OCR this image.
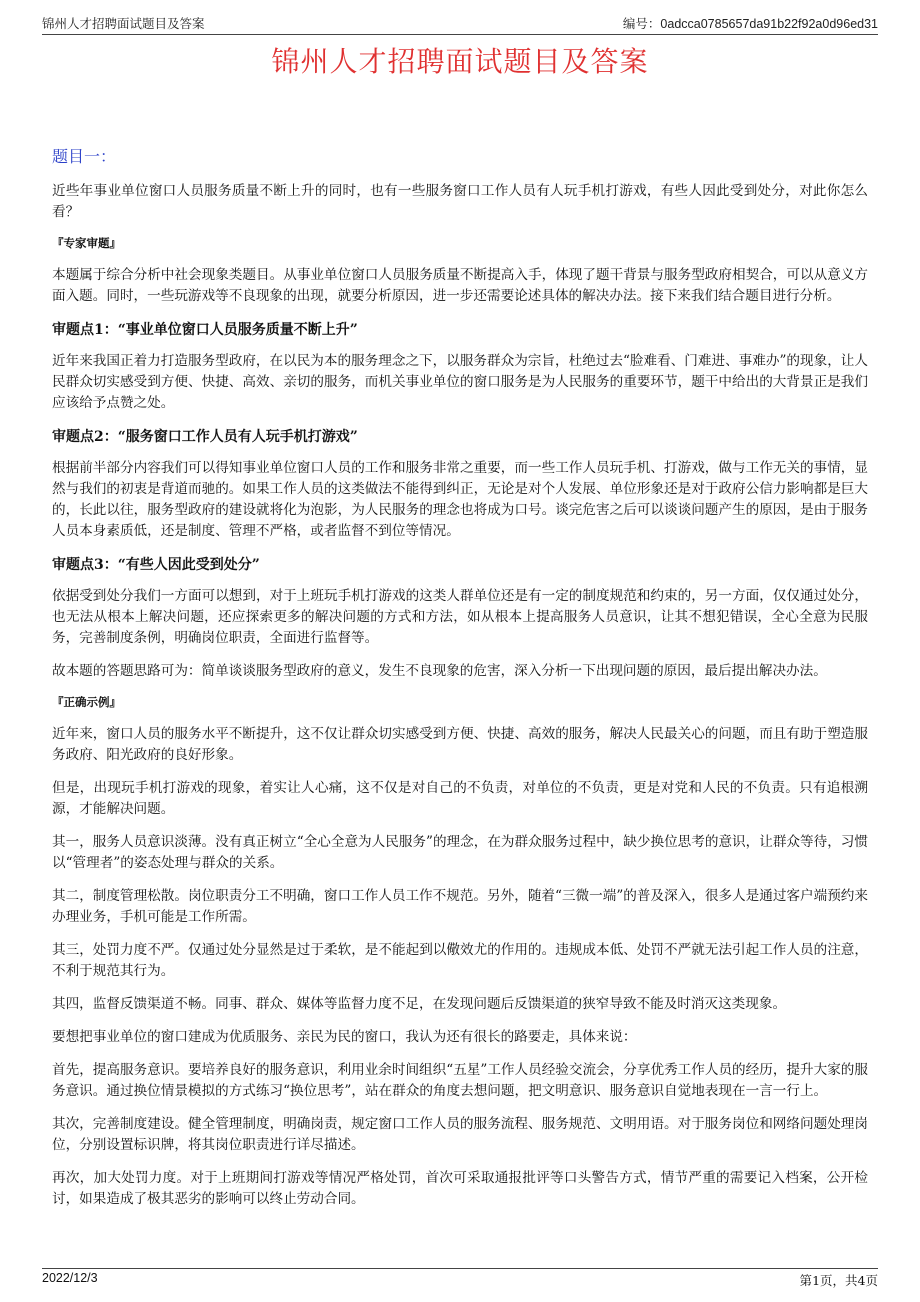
锦州人才招聘面试题目及答案	编号：0adcca0785657da91b22f92a0d96ed31
锦州人才招聘面试题目及答案

题目一：

近些年事业单位窗口人员服务质量不断上升的同时，也有一些服务窗口工作人员有人玩手机打游戏，有些人因此受到处分，对此你怎么看？

『专家审题』

本题属于综合分析中社会现象类题目。从事业单位窗口人员服务质量不断提高入手，体现了题干背景与服务型政府相契合，可以从意义方面入题。同时，一些玩游戏等不良现象的出现，就要分析原因，进一步还需要论述具体的解决办法。接下来我们结合题目进行分析。

审题点1：“事业单位窗口人员服务质量不断上升”

近年来我国正着力打造服务型政府，在以民为本的服务理念之下，以服务群众为宗旨，杜绝过去“脸难看、门难进、事难办”的现象，让人民群众切实感受到方便、快捷、高效、亲切的服务，而机关事业单位的窗口服务是为人民服务的重要环节，题干中给出的大背景正是我们应该给予点赞之处。

审题点2：“服务窗口工作人员有人玩手机打游戏”

根据前半部分内容我们可以得知事业单位窗口人员的工作和服务非常之重要，而一些工作人员玩手机、打游戏，做与工作无关的事情，显然与我们的初衷是背道而驰的。如果工作人员的这类做法不能得到纠正，无论是对个人发展、单位形象还是对于政府公信力影响都是巨大的，长此以往，服务型政府的建设就将化为泡影，为人民服务的理念也将成为口号。谈完危害之后可以谈谈问题产生的原因，是由于服务人员本身素质低，还是制度、管理不严格，或者监督不到位等情况。

审题点3：“有些人因此受到处分”

依据受到处分我们一方面可以想到，对于上班玩手机打游戏的这类人群单位还是有一定的制度规范和约束的，另一方面，仅仅通过处分，也无法从根本上解决问题，还应探索更多的解决问题的方式和方法，如从根本上提高服务人员意识，让其不想犯错误，全心全意为民服务，完善制度条例，明确岗位职责，全面进行监督等。

故本题的答题思路可为：简单谈谈服务型政府的意义，发生不良现象的危害，深入分析一下出现问题的原因，最后提出解决办法。

『正确示例』

近年来，窗口人员的服务水平不断提升，这不仅让群众切实感受到方便、快捷、高效的服务，解决人民最关心的问题，而且有助于塑造服务政府、阳光政府的良好形象。

但是，出现玩手机打游戏的现象，着实让人心痛，这不仅是对自己的不负责，对单位的不负责，更是对党和人民的不负责。只有追根溯源，才能解决问题。

其一，服务人员意识淡薄。没有真正树立“全心全意为人民服务”的理念，在为群众服务过程中，缺少换位思考的意识，让群众等待，习惯以“管理者”的姿态处理与群众的关系。

其二，制度管理松散。岗位职责分工不明确，窗口工作人员工作不规范。另外，随着“三微一端”的普及深入，很多人是通过客户端预约来办理业务，手机可能是工作所需。

其三，处罚力度不严。仅通过处分显然是过于柔软，是不能起到以儆效尤的作用的。违规成本低、处罚不严就无法引起工作人员的注意，不利于规范其行为。

其四，监督反馈渠道不畅。同事、群众、媒体等监督力度不足，在发现问题后反馈渠道的狭窄导致不能及时消灭这类现象。

要想把事业单位的窗口建成为优质服务、亲民为民的窗口，我认为还有很长的路要走，具体来说：

首先，提高服务意识。要培养良好的服务意识，利用业余时间组织“五星”工作人员经验交流会，分享优秀工作人员的经历，提升大家的服务意识。通过换位情景模拟的方式练习“换位思考”，站在群众的角度去想问题，把文明意识、服务意识自觉地表现在一言一行上。

其次，完善制度建设。健全管理制度，明确岗责，规定窗口工作人员的服务流程、服务规范、文明用语。对于服务岗位和网络问题处理岗位，分别设置标识牌，将其岗位职责进行详尽描述。

再次，加大处罚力度。对于上班期间打游戏等情况严格处罚，首次可采取通报批评等口头警告方式，情节严重的需要记入档案，公开检讨，如果造成了极其恶劣的影响可以终止劳动合同。

2022/12/3	第1页，共4页
